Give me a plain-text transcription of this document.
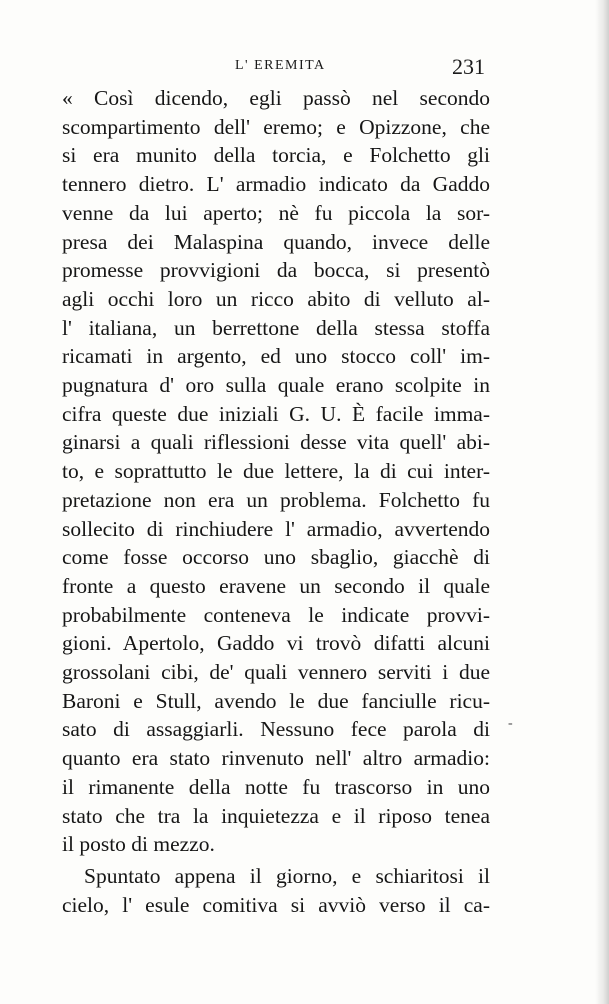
L' EREMITA	231
« Così dicendo, egli passò nel secondo
scompartimento dell' eremo; e Opizzone, che
si era munito della torcia, e Folchetto gli
tennero dietro. L' armadio indicato da Gaddo
venne da lui aperto; nè fu piccola la sor-
presa dei Malaspina quando, invece delle
promesse provvigioni da bocca, si presentò
agli occhi loro un ricco abito di velluto al-
l' italiana, un berrettone della stessa stoffa
ricamati in argento, ed uno stocco coll' im-
pugnatura d' oro sulla quale erano scolpite in
cifra queste due iniziali G. U. È facile imma-
ginarsi a quali riflessioni desse vita quell' abi-
to, e soprattutto le due lettere, la di cui inter-
pretazione non era un problema. Folchetto fu
sollecito di rinchiudere l' armadio, avvertendo
come fosse occorso uno sbaglio, giacchè di
fronte a questo eravene un secondo il quale
probabilmente conteneva le indicate provvi-
gioni. Apertolo, Gaddo vi trovò difatti alcuni
grossolani cibi, de' quali vennero serviti i due
Baroni e Stull, avendo le due fanciulle ricu-
sato di assaggiarli. Nessuno fece parola di
quanto era stato rinvenuto nell' altro armadio:
il rimanente della notte fu trascorso in uno
stato che tra la inquietezza e il riposo tenea
il posto di mezzo.
Spuntato appena il giorno, e schiaritosi il
cielo, l' esule comitiva si avviò verso il ca-
-
